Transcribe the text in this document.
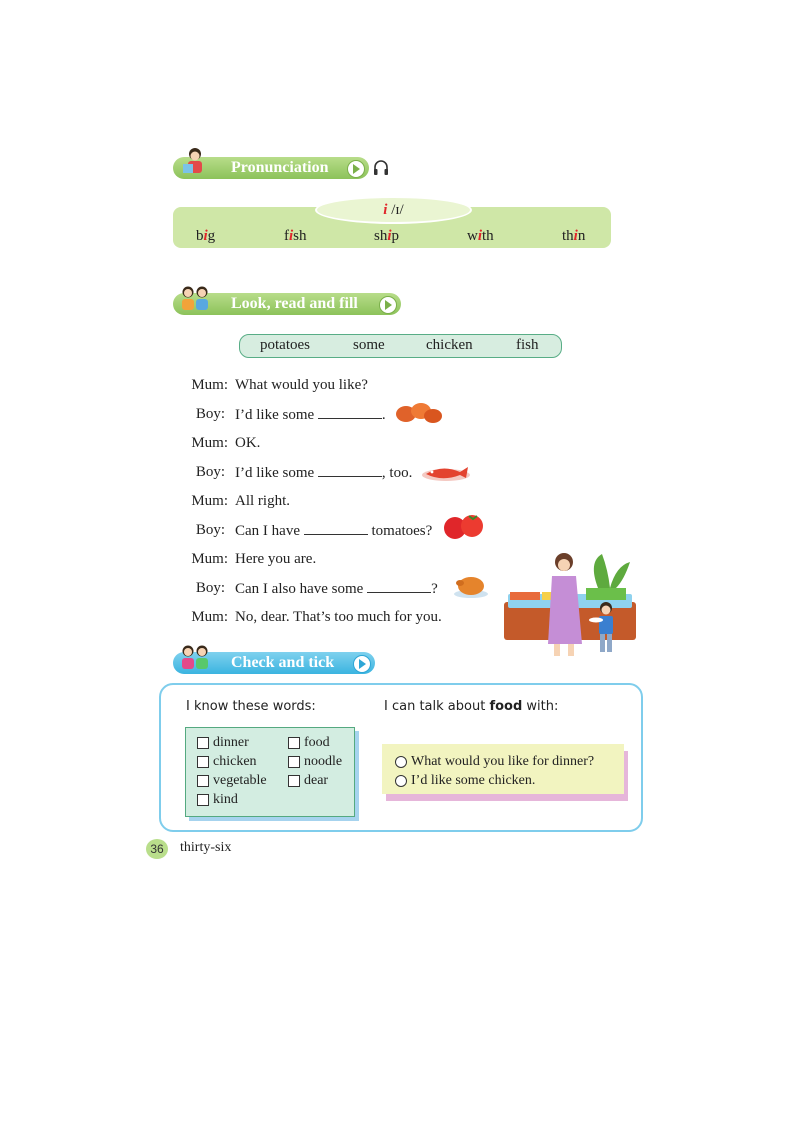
Pronunciation
i /ɪ/
big	fish	ship	with	thin
Look, read and fill
potatoes	some	chicken	fish
Mum: What would you like?
Boy: I’d like some	.
Mum: OK.
Boy: I’d like some	, too.
Mum: All right.
Boy: Can I have	tomatoes?
Mum: Here you are.
Boy: Can I also have some	?
Mum: No, dear. That’s too much for you.
Check and tick
I know these words:	I can talk about food with:
dinner	food
chicken	noodle
vegetable	dear
kind
What would you like for dinner?
I’d like some chicken.
36	thirty-six
